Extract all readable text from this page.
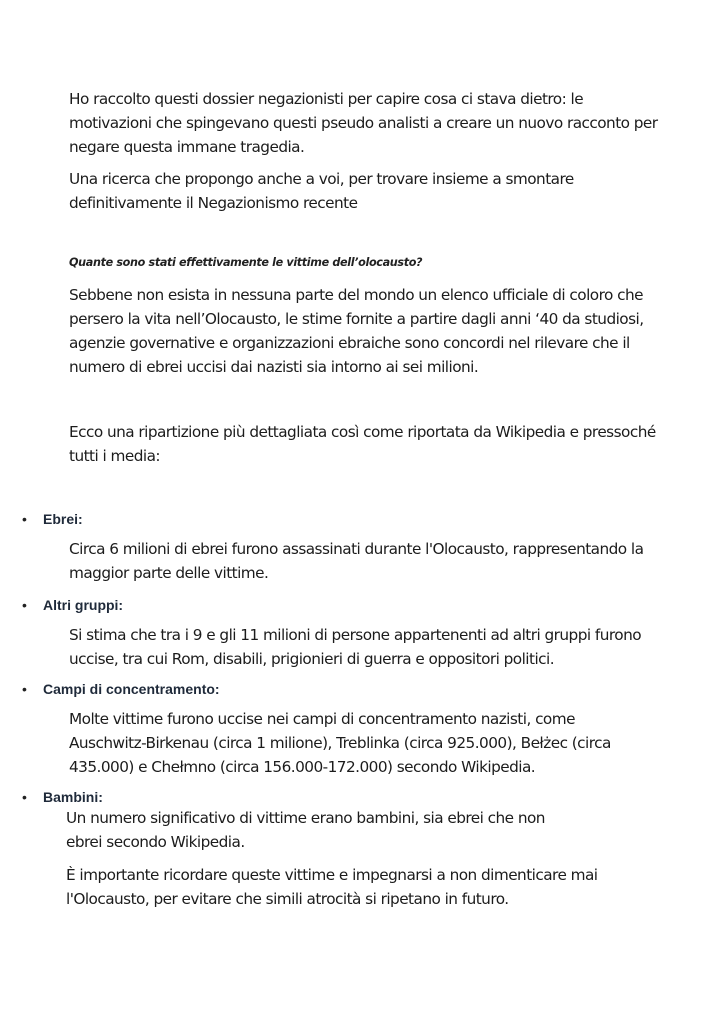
Ho raccolto questi dossier negazionisti per capire cosa ci stava dietro: le motivazioni che spingevano questi pseudo analisti a creare un nuovo racconto per negare questa immane tragedia.

Una ricerca che propongo anche a voi, per trovare insieme a smontare definitivamente il Negazionismo recente

Quante sono stati effettivamente le vittime dell’olocausto?

Sebbene non esista in nessuna parte del mondo un elenco ufficiale di coloro che persero la vita nell’Olocausto, le stime fornite a partire dagli anni ‘40 da studiosi, agenzie governative e organizzazioni ebraiche sono concordi nel rilevare che il numero di ebrei uccisi dai nazisti sia intorno ai sei milioni.

Ecco una ripartizione più dettagliata così come riportata da Wikipedia e pressoché tutti i media:

• Ebrei:

Circa 6 milioni di ebrei furono assassinati durante l'Olocausto, rappresentando la maggior parte delle vittime.

• Altri gruppi:

Si stima che tra i 9 e gli 11 milioni di persone appartenenti ad altri gruppi furono uccise, tra cui Rom, disabili, prigionieri di guerra e oppositori politici.

• Campi di concentramento:

Molte vittime furono uccise nei campi di concentramento nazisti, come Auschwitz-Birkenau (circa 1 milione), Treblinka (circa 925.000), Bełżec (circa 435.000) e Chełmno (circa 156.000-172.000) secondo Wikipedia.

• Bambini:

Un numero significativo di vittime erano bambini, sia ebrei che non ebrei secondo Wikipedia.

È importante ricordare queste vittime e impegnarsi a non dimenticare mai l'Olocausto, per evitare che simili atrocità si ripetano in futuro.
